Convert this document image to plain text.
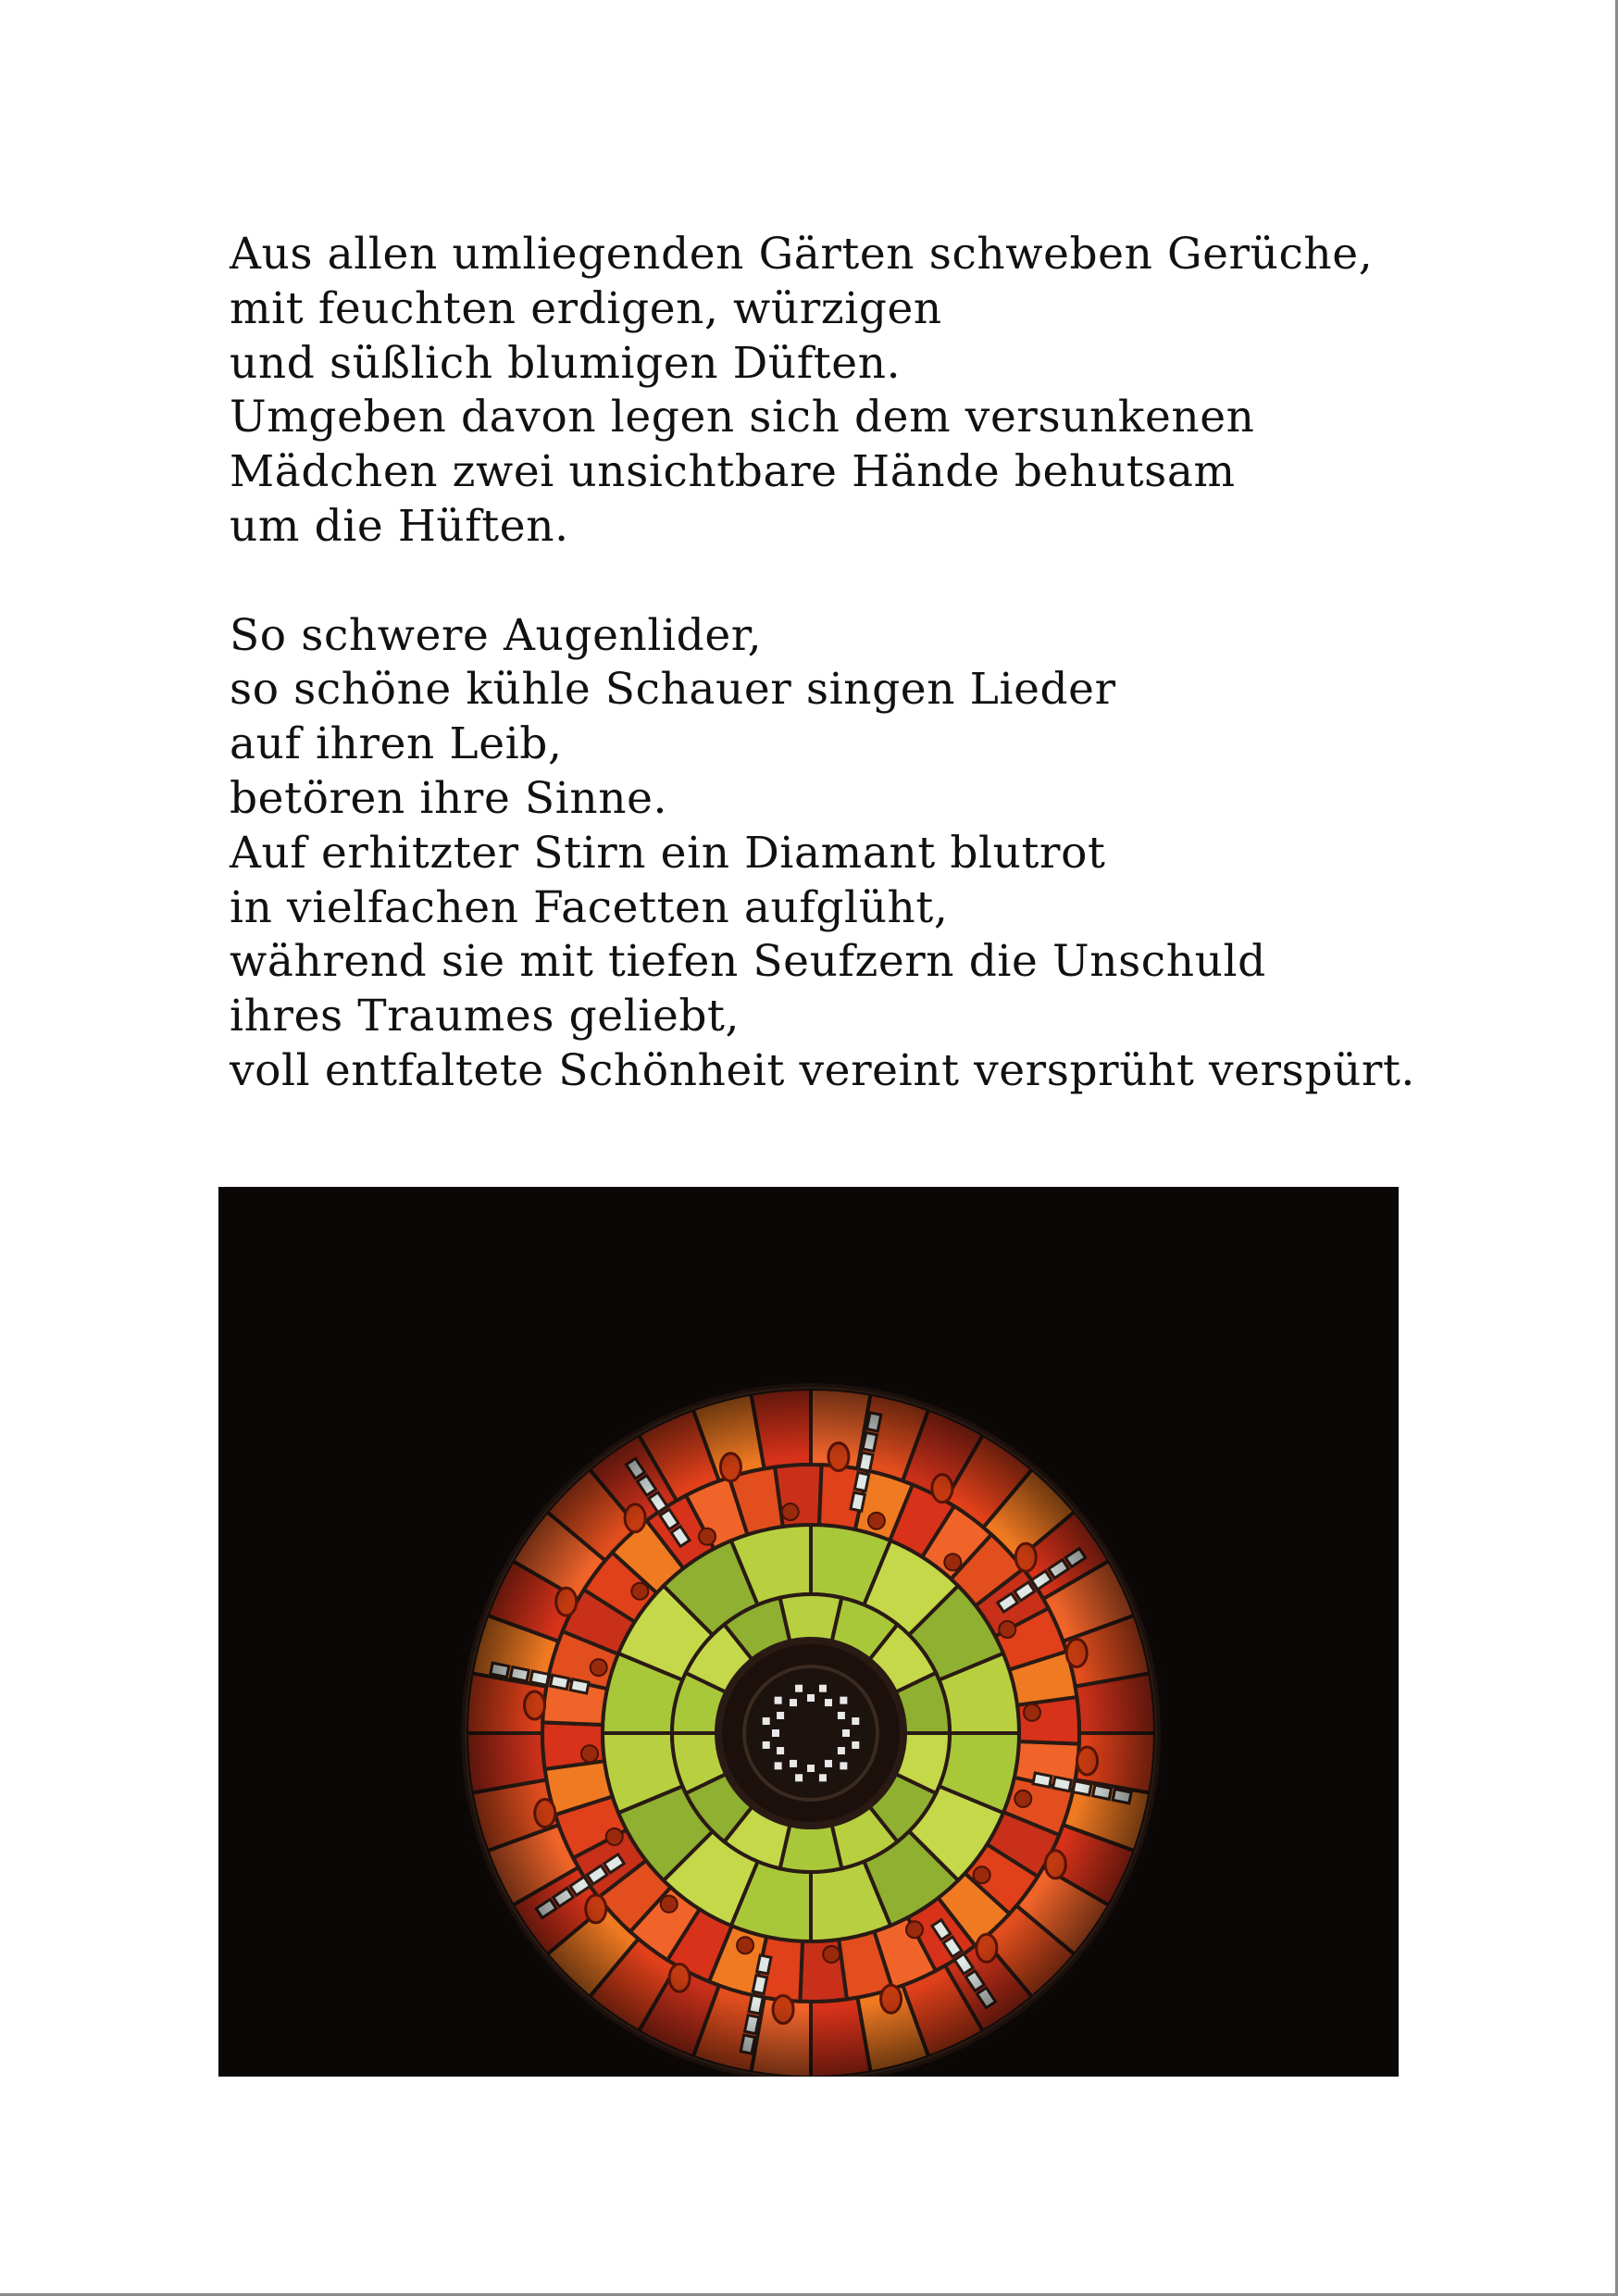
Aus allen umliegenden Gärten schweben Gerüche,
mit feuchten erdigen, würzigen
und süßlich blumigen Düften.
Umgeben davon legen sich dem versunkenen
Mädchen zwei unsichtbare Hände behutsam
um die Hüften.

So schwere Augenlider,
so schöne kühle Schauer singen Lieder
auf ihren Leib,
betören ihre Sinne.
Auf erhitzter Stirn ein Diamant blutrot
in vielfachen Facetten aufglüht,
während sie mit tiefen Seufzern die Unschuld
ihres Traumes geliebt,
voll entfaltete Schönheit vereint versprüht verspürt.
